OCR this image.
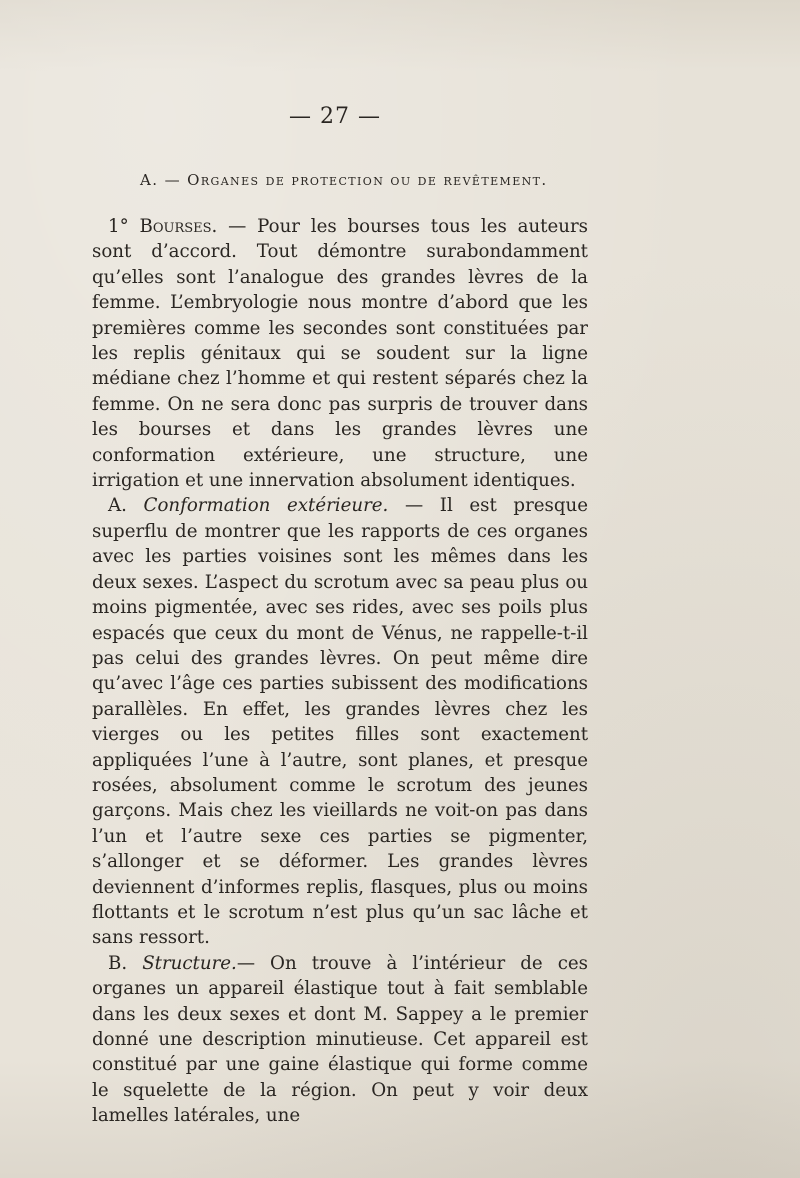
— 27 —
A. — Organes de protection ou de revêtement.

1° Bourses. — Pour les bourses tous les auteurs sont d’accord. Tout démontre surabondamment qu’elles sont l’analogue des grandes lèvres de la femme. L’embryologie nous montre d’abord que les premières comme les secondes sont constituées par les replis génitaux qui se soudent sur la ligne médiane chez l’homme et qui restent séparés chez la femme. On ne sera donc pas surpris de trouver dans les bourses et dans les grandes lèvres une conformation extérieure, une structure, une irrigation et une innervation absolument identiques.

A. Conformation extérieure. — Il est presque superflu de montrer que les rapports de ces organes avec les parties voisines sont les mêmes dans les deux sexes. L’aspect du scrotum avec sa peau plus ou moins pigmentée, avec ses rides, avec ses poils plus espacés que ceux du mont de Vénus, ne rappelle-t-il pas celui des grandes lèvres. On peut même dire qu’avec l’âge ces parties subissent des modifications parallèles. En effet, les grandes lèvres chez les vierges ou les petites filles sont exactement appliquées l’une à l’autre, sont planes, et presque rosées, absolument comme le scrotum des jeunes garçons. Mais chez les vieillards ne voit-on pas dans l’un et l’autre sexe ces parties se pigmenter, s’allonger et se déformer. Les grandes lèvres deviennent d’informes replis, flasques, plus ou moins flottants et le scrotum n’est plus qu’un sac lâche et sans ressort.

B. Structure.— On trouve à l’intérieur de ces organes un appareil élastique tout à fait semblable dans les deux sexes et dont M. Sappey a le premier donné une description minutieuse. Cet appareil est constitué par une gaine élastique qui forme comme le squelette de la région. On peut y voir deux lamelles latérales, une
